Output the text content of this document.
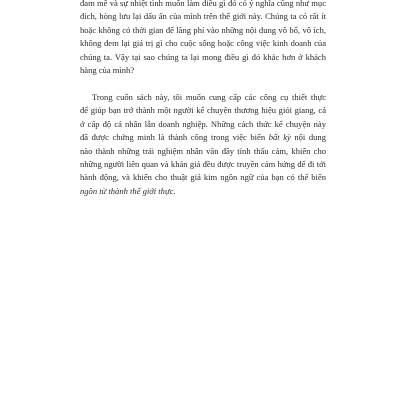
đam mê và sự nhiệt tình muốn làm điều gì đó có ý nghĩa cũng như mục
đích, hòng lưu lại dấu ấn của mình trên thế giới này. Chúng ta có rất ít
hoặc không có thời gian để lãng phí vào những nội dung vô bổ, vô ích,
không đem lại giá trị gì cho cuộc sống hoặc công việc kinh doanh của
chúng ta. Vậy tại sao chúng ta lại mong điều gì đó khác hơn ở khách
hàng của mình?

Trong cuốn sách này, tôi muốn cung cấp các công cụ thiết thực
để giúp bạn trở thành một người kể chuyện thương hiệu giỏi giang, cả
ở cấp độ cá nhân lẫn doanh nghiệp. Những cách thức kể chuyện này
đã được chứng minh là thành công trong việc biến bất kỳ nội dung
nào thành những trải nghiệm nhân văn đầy tính thấu cảm, khiến cho
những người liên quan và khán giả đều được truyền cảm hứng để đi tới
hành động, và khiến cho thuật giả kim ngôn ngữ của bạn có thể biến
ngôn từ thành thế giới thực.
